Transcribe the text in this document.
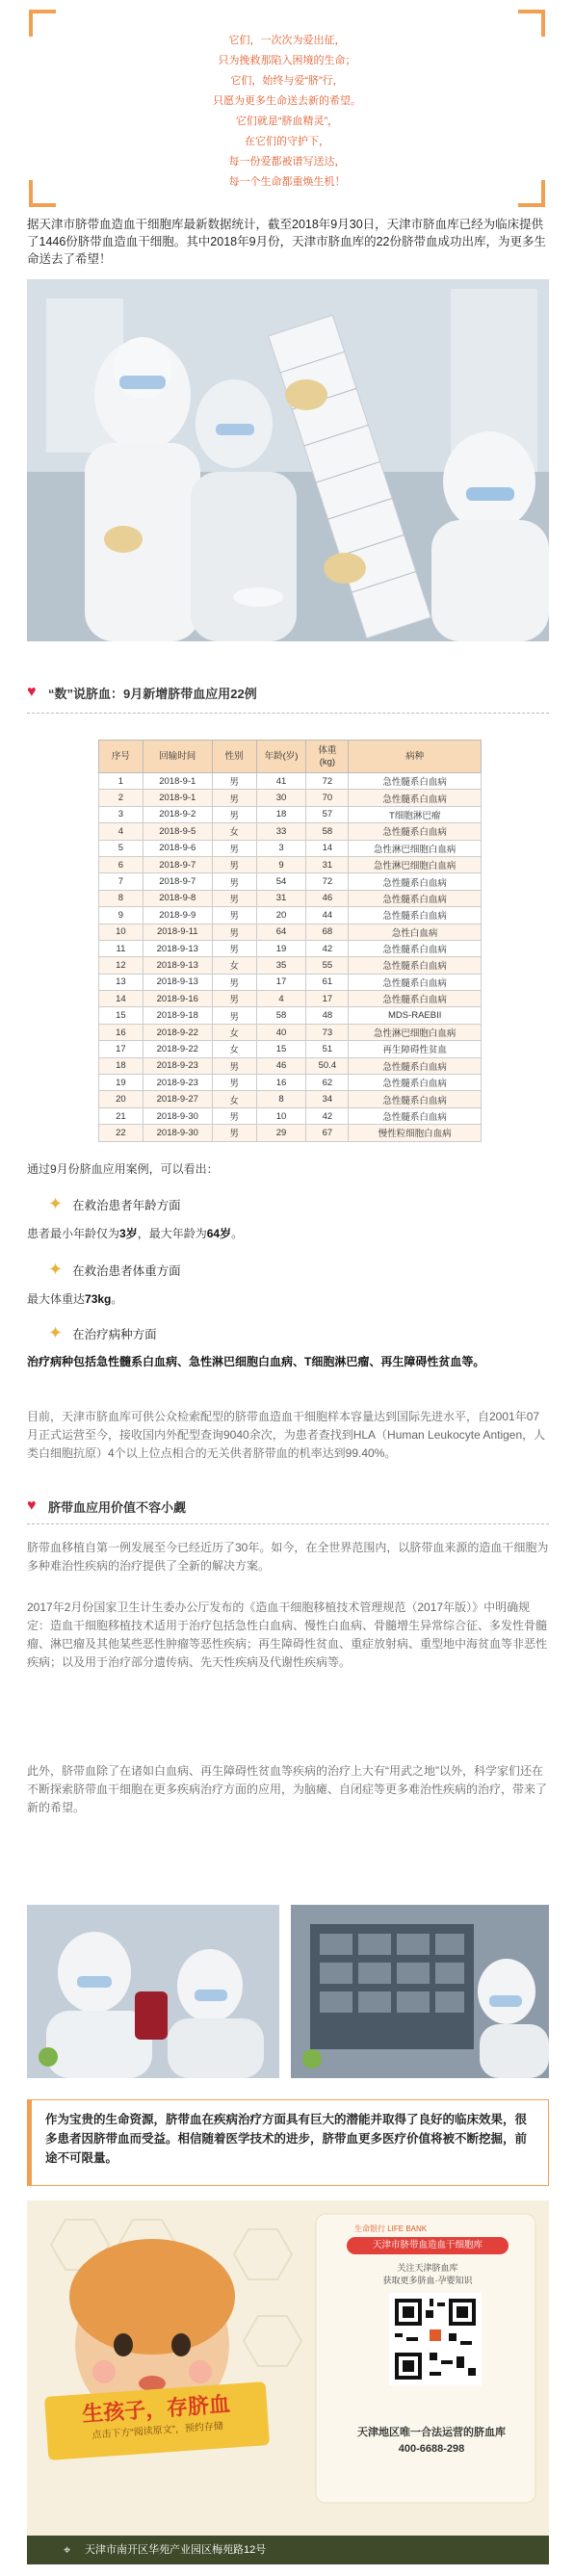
它们，一次次为爱出征，
只为挽救那陷入困境的生命；
它们，始终与爱“脐”行，
只愿为更多生命送去新的希望。
它们就是“脐血精灵”，
在它们的守护下，
每一份爱都被谱写送达，
每一个生命都重焕生机！
据天津市脐带血造血干细胞库最新数据统计，截至2018年9月30日，天津市脐血库已经为临床提供了1446份脐带血造血干细胞。其中2018年9月份，天津市脐血库的22份脐带血成功出库，为更多生命送去了希望！
♥ “数”说脐血：9月新增脐带血应用22例
序号	回输时间	性别	年龄(岁)	体重
(kg)	病种
1	2018-9-1	男	41	72	急性髓系白血病
2	2018-9-1	男	30	70	急性髓系白血病
3	2018-9-2	男	18	57	T细胞淋巴瘤
4	2018-9-5	女	33	58	急性髓系白血病
5	2018-9-6	男	3	14	急性淋巴细胞白血病
6	2018-9-7	男	9	31	急性淋巴细胞白血病
7	2018-9-7	男	54	72	急性髓系白血病
8	2018-9-8	男	31	46	急性髓系白血病
9	2018-9-9	男	20	44	急性髓系白血病
10	2018-9-11	男	64	68	急性白血病
11	2018-9-13	男	19	42	急性髓系白血病
12	2018-9-13	女	35	55	急性髓系白血病
13	2018-9-13	男	17	61	急性髓系白血病
14	2018-9-16	男	4	17	急性髓系白血病
15	2018-9-18	男	58	48	MDS-RAEBII
16	2018-9-22	女	40	73	急性淋巴细胞白血病
17	2018-9-22	女	15	51	再生障碍性贫血
18	2018-9-23	男	46	50.4	急性髓系白血病
19	2018-9-23	男	16	62	急性髓系白血病
20	2018-9-27	女	8	34	急性髓系白血病
21	2018-9-30	男	10	42	急性髓系白血病
22	2018-9-30	男	29	67	慢性粒细胞白血病
通过9月份脐血应用案例，可以看出：
✦ 在救治患者年龄方面
患者最小年龄仅为3岁，最大年龄为64岁。
✦ 在救治患者体重方面
最大体重达73kg。
✦ 在治疗病种方面
治疗病种包括急性髓系白血病、急性淋巴细胞白血病、T细胞淋巴瘤、再生障碍性贫血等。
目前，天津市脐血库可供公众检索配型的脐带血造血干细胞样本容量达到国际先进水平，自2001年07月正式运营至今，接收国内外配型查询9040余次，为患者查找到HLA（Human Leukocyte Antigen，人类白细胞抗原）4个以上位点相合的无关供者脐带血的机率达到99.40%。
♥ 脐带血应用价值不容小觑
脐带血移植自第一例发展至今已经近历了30年。如今，在全世界范围内，以脐带血来源的造血干细胞为多种难治性疾病的治疗提供了全新的解决方案。
2017年2月份国家卫生计生委办公厅发布的《造血干细胞移植技术管理规范（2017年版）》中明确规定：造血干细胞移植技术适用于治疗包括急性白血病、慢性白血病、骨髓增生异常综合征、多发性骨髓瘤、淋巴瘤及其他某些恶性肿瘤等恶性疾病；再生障碍性贫血、重症放射病、重型地中海贫血等非恶性疾病；以及用于治疗部分遗传病、先天性疾病及代谢性疾病等。
此外，脐带血除了在诸如白血病、再生障碍性贫血等疾病的治疗上大有“用武之地”以外，科学家们还在不断探索脐带血干细胞在更多疾病治疗方面的应用，为脑瘫、自闭症等更多难治性疾病的治疗，带来了新的希望。
作为宝贵的生命资源，脐带血在疾病治疗方面具有巨大的潜能并取得了良好的临床效果，很多患者因脐带血而受益。相信随着医学技术的进步，脐带血更多医疗价值将被不断挖掘，前途不可限量。
生命银行 LIFE BANK
天津市脐带血造血干细胞库
关注天津脐血库
获取更多脐血·孕婴知识
生孩子，存脐血
点击下方“阅读原文”，预约存储	天津地区唯一合法运营的脐血库
400-6688-298
⌖ 天津市南开区华苑产业园区梅苑路12号
